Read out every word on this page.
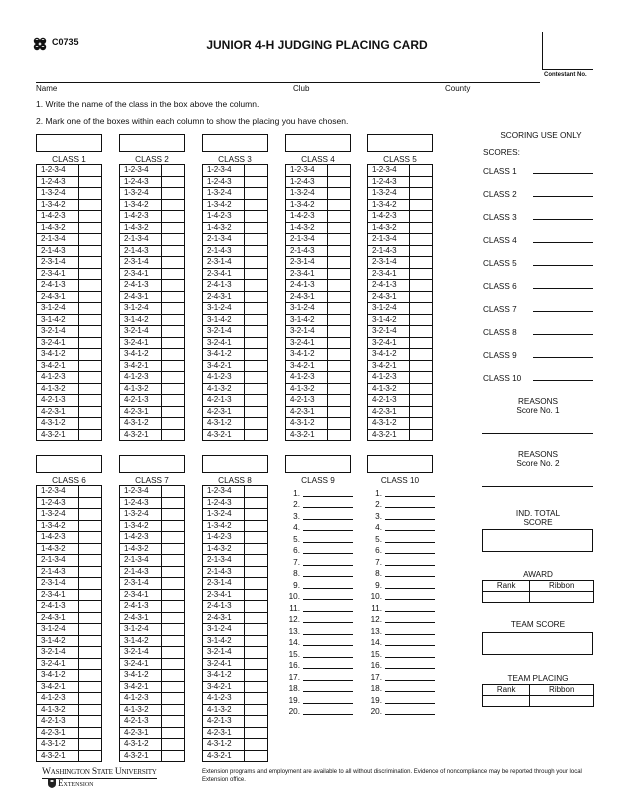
C0735	JUNIOR 4-H JUDGING PLACING CARD
Contestant No.
Name	Club	County
1. Write the name of the class in the box above the column.
2. Mark one of the boxes within each column to show the placing you have chosen.
CLASS 1
1-2-3-4	
1-2-4-3	
1-3-2-4	
1-3-4-2	
1-4-2-3	
1-4-3-2	
2-1-3-4	
2-1-4-3	
2-3-1-4	
2-3-4-1	
2-4-1-3	
2-4-3-1	
3-1-2-4	
3-1-4-2	
3-2-1-4	
3-2-4-1	
3-4-1-2	
3-4-2-1	
4-1-2-3	
4-1-3-2	
4-2-1-3	
4-2-3-1	
4-3-1-2	
4-3-2-1	
CLASS 2
1-2-3-4	
1-2-4-3	
1-3-2-4	
1-3-4-2	
1-4-2-3	
1-4-3-2	
2-1-3-4	
2-1-4-3	
2-3-1-4	
2-3-4-1	
2-4-1-3	
2-4-3-1	
3-1-2-4	
3-1-4-2	
3-2-1-4	
3-2-4-1	
3-4-1-2	
3-4-2-1	
4-1-2-3	
4-1-3-2	
4-2-1-3	
4-2-3-1	
4-3-1-2	
4-3-2-1	
CLASS 3
1-2-3-4	
1-2-4-3	
1-3-2-4	
1-3-4-2	
1-4-2-3	
1-4-3-2	
2-1-3-4	
2-1-4-3	
2-3-1-4	
2-3-4-1	
2-4-1-3	
2-4-3-1	
3-1-2-4	
3-1-4-2	
3-2-1-4	
3-2-4-1	
3-4-1-2	
3-4-2-1	
4-1-2-3	
4-1-3-2	
4-2-1-3	
4-2-3-1	
4-3-1-2	
4-3-2-1	
CLASS 4
1-2-3-4	
1-2-4-3	
1-3-2-4	
1-3-4-2	
1-4-2-3	
1-4-3-2	
2-1-3-4	
2-1-4-3	
2-3-1-4	
2-3-4-1	
2-4-1-3	
2-4-3-1	
3-1-2-4	
3-1-4-2	
3-2-1-4	
3-2-4-1	
3-4-1-2	
3-4-2-1	
4-1-2-3	
4-1-3-2	
4-2-1-3	
4-2-3-1	
4-3-1-2	
4-3-2-1	
CLASS 5
1-2-3-4	
1-2-4-3	
1-3-2-4	
1-3-4-2	
1-4-2-3	
1-4-3-2	
2-1-3-4	
2-1-4-3	
2-3-1-4	
2-3-4-1	
2-4-1-3	
2-4-3-1	
3-1-2-4	
3-1-4-2	
3-2-1-4	
3-2-4-1	
3-4-1-2	
3-4-2-1	
4-1-2-3	
4-1-3-2	
4-2-1-3	
4-2-3-1	
4-3-1-2	
4-3-2-1	
CLASS 6
1-2-3-4	
1-2-4-3	
1-3-2-4	
1-3-4-2	
1-4-2-3	
1-4-3-2	
2-1-3-4	
2-1-4-3	
2-3-1-4	
2-3-4-1	
2-4-1-3	
2-4-3-1	
3-1-2-4	
3-1-4-2	
3-2-1-4	
3-2-4-1	
3-4-1-2	
3-4-2-1	
4-1-2-3	
4-1-3-2	
4-2-1-3	
4-2-3-1	
4-3-1-2	
4-3-2-1	
CLASS 7
1-2-3-4	
1-2-4-3	
1-3-2-4	
1-3-4-2	
1-4-2-3	
1-4-3-2	
2-1-3-4	
2-1-4-3	
2-3-1-4	
2-3-4-1	
2-4-1-3	
2-4-3-1	
3-1-2-4	
3-1-4-2	
3-2-1-4	
3-2-4-1	
3-4-1-2	
3-4-2-1	
4-1-2-3	
4-1-3-2	
4-2-1-3	
4-2-3-1	
4-3-1-2	
4-3-2-1	
CLASS 8
1-2-3-4	
1-2-4-3	
1-3-2-4	
1-3-4-2	
1-4-2-3	
1-4-3-2	
2-1-3-4	
2-1-4-3	
2-3-1-4	
2-3-4-1	
2-4-1-3	
2-4-3-1	
3-1-2-4	
3-1-4-2	
3-2-1-4	
3-2-4-1	
3-4-1-2	
3-4-2-1	
4-1-2-3	
4-1-3-2	
4-2-1-3	
4-2-3-1	
4-3-1-2	
4-3-2-1	
CLASS 9
1.
2.
3.
4.
5.
6.
7.
8.
9.
10.
11.
12.
13.
14.
15.
16.
17.
18.
19.
20.
CLASS 10
1.
2.
3.
4.
5.
6.
7.
8.
9.
10.
11.
12.
13.
14.
15.
16.
17.
18.
19.
20.
SCORING USE ONLY
SCORES:
CLASS 1
CLASS 2
CLASS 3
CLASS 4
CLASS 5
CLASS 6
CLASS 7
CLASS 8
CLASS 9
CLASS 10
REASONS
Score No. 1
REASONS
Score No. 2
IND. TOTAL
SCORE
AWARD
Rank	Ribbon

TEAM SCORE
TEAM PLACING
Rank	Ribbon

Washington State University
Extension
Extension programs and employment are available to all without discrimination. Evidence of noncompliance may be reported through your local Extension office.
